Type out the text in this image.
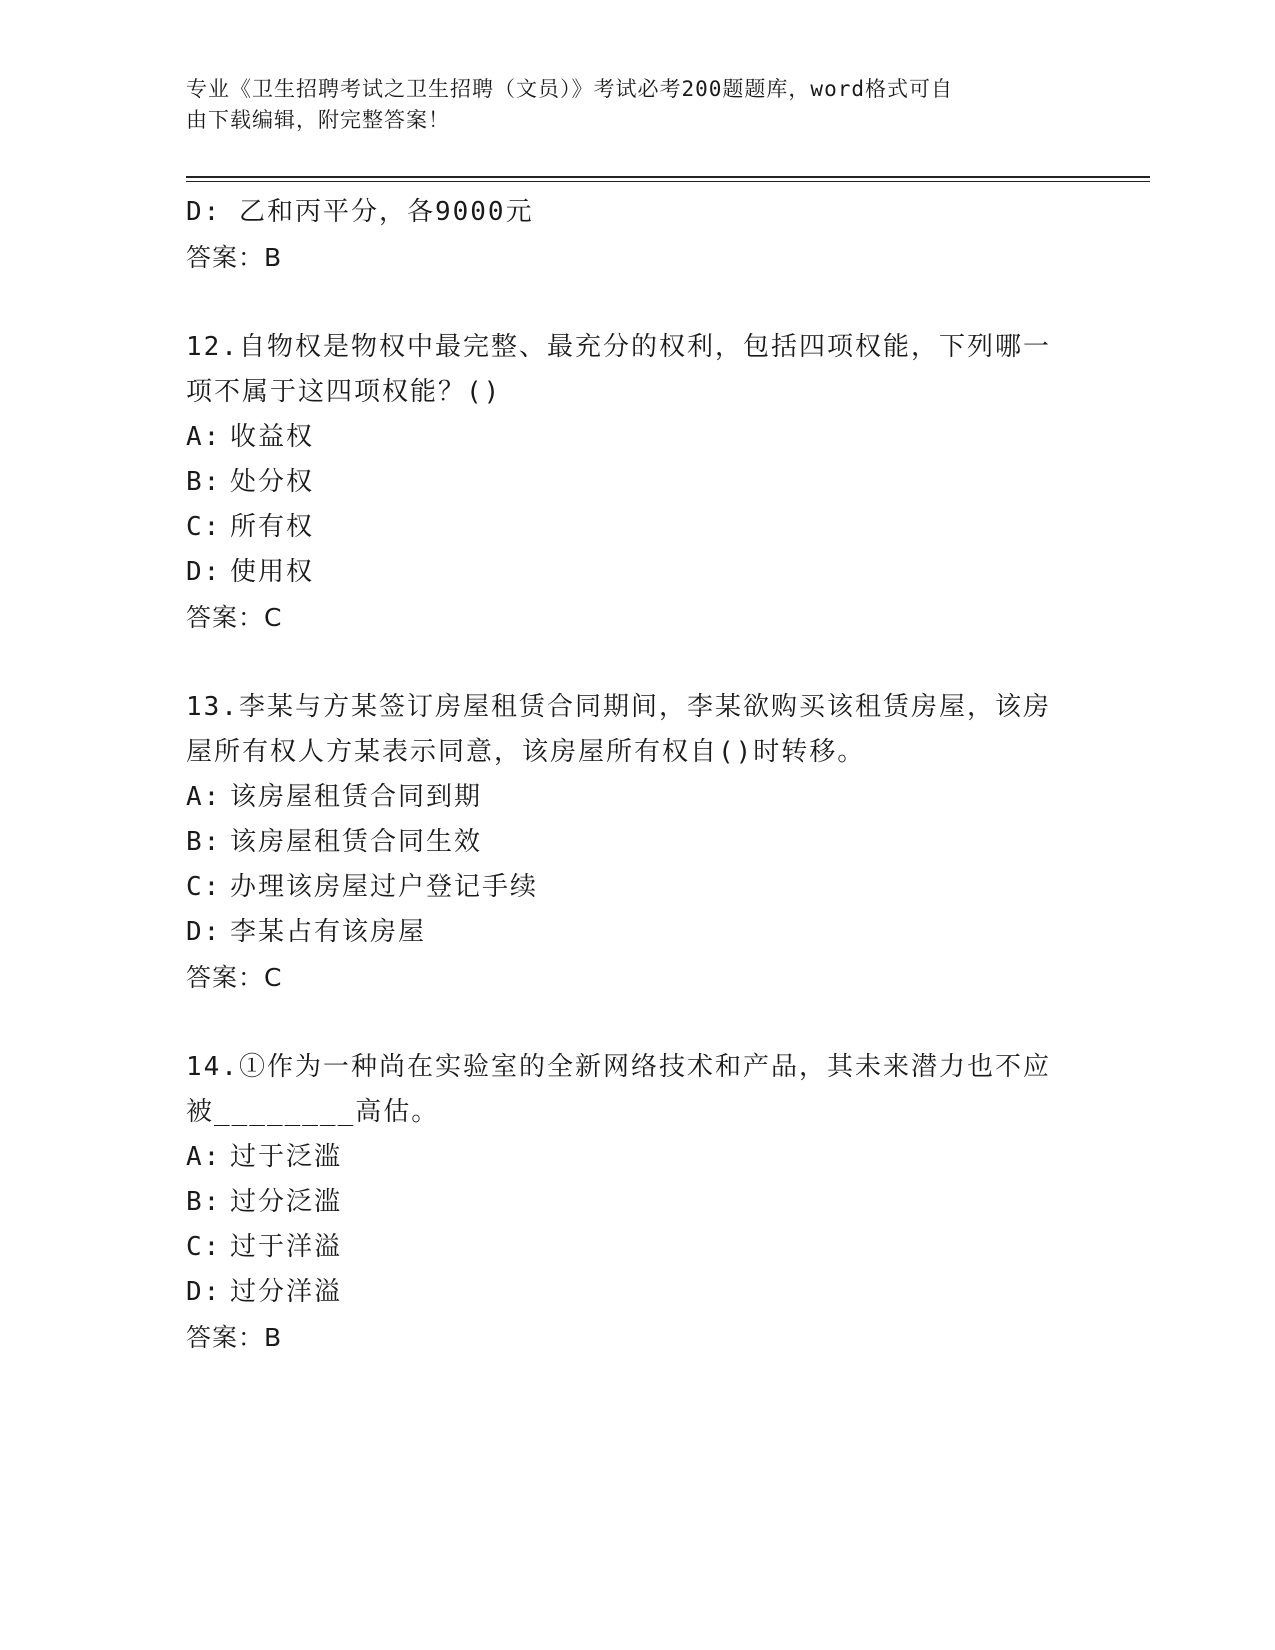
专业《卫生招聘考试之卫生招聘（文员）》考试必考200题题库，word格式可自
由下载编辑，附完整答案！
D: 乙和丙平分，各9000元
答案：B
12.自物权是物权中最完整、最充分的权利，包括四项权能，下列哪一
项不属于这四项权能？()
A: 收益权
B: 处分权
C: 所有权
D: 使用权
答案：C
13.李某与方某签订房屋租赁合同期间，李某欲购买该租赁房屋，该房
屋所有权人方某表示同意，该房屋所有权自()时转移。
A: 该房屋租赁合同到期
B: 该房屋租赁合同生效
C: 办理该房屋过户登记手续
D: 李某占有该房屋
答案：C
14.①作为一种尚在实验室的全新网络技术和产品，其未来潜力也不应
被________高估。
A: 过于泛滥
B: 过分泛滥
C: 过于洋溢
D: 过分洋溢
答案：B
